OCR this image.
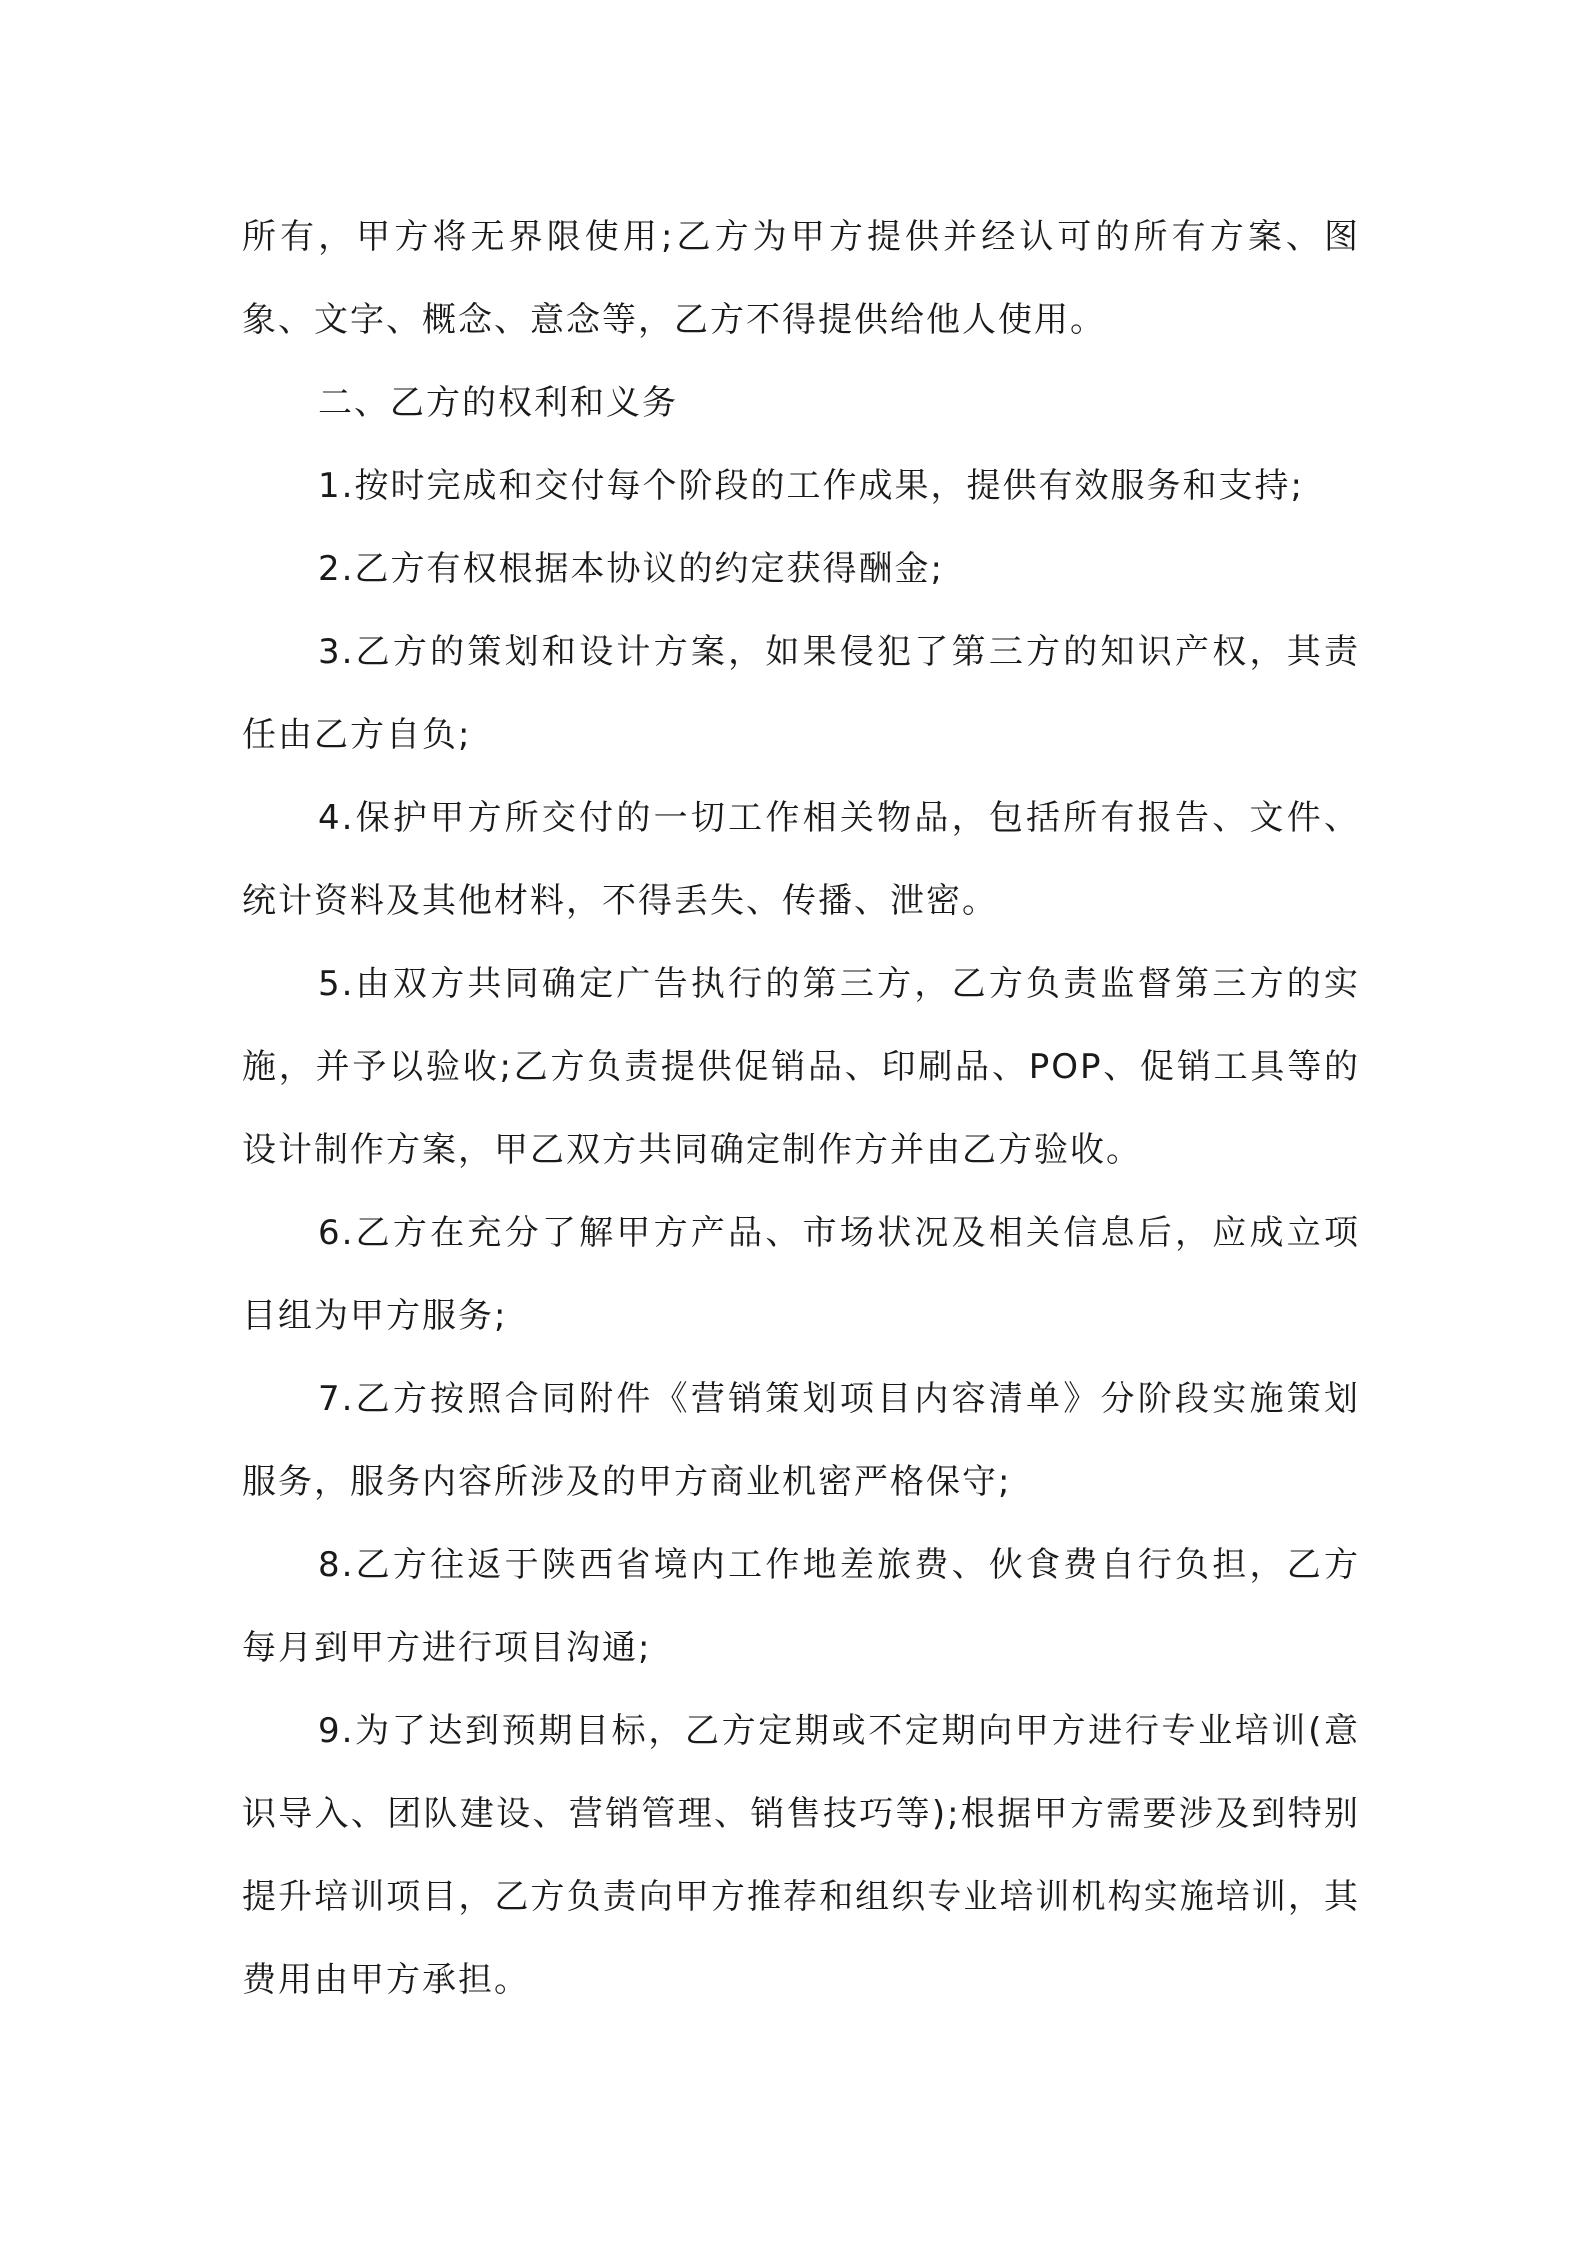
所有，甲方将无界限使用;乙方为甲方提供并经认可的所有方案、图象、文字、概念、意念等，乙方不得提供给他人使用。

二、乙方的权利和义务

1.按时完成和交付每个阶段的工作成果，提供有效服务和支持;

2.乙方有权根据本协议的约定获得酬金;

3.乙方的策划和设计方案，如果侵犯了第三方的知识产权，其责任由乙方自负;

4.保护甲方所交付的一切工作相关物品，包括所有报告、文件、统计资料及其他材料，不得丢失、传播、泄密。

5.由双方共同确定广告执行的第三方，乙方负责监督第三方的实施，并予以验收;乙方负责提供促销品、印刷品、POP、促销工具等的设计制作方案，甲乙双方共同确定制作方并由乙方验收。

6.乙方在充分了解甲方产品、市场状况及相关信息后，应成立项目组为甲方服务;

7.乙方按照合同附件《营销策划项目内容清单》分阶段实施策划服务，服务内容所涉及的甲方商业机密严格保守;

8.乙方往返于陕西省境内工作地差旅费、伙食费自行负担，乙方每月到甲方进行项目沟通;

9.为了达到预期目标，乙方定期或不定期向甲方进行专业培训(意识导入、团队建设、营销管理、销售技巧等);根据甲方需要涉及到特别提升培训项目，乙方负责向甲方推荐和组织专业培训机构实施培训，其费用由甲方承担。
